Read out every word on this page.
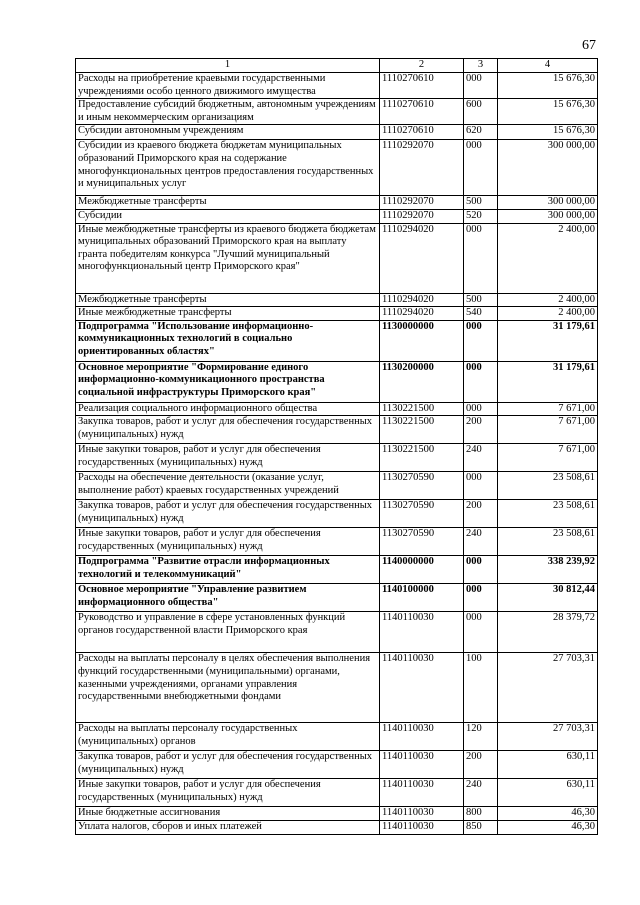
67
1	2	3	4
Расходы на приобретение краевыми государственными учреждениями особо ценного движимого имущества	1110270610	000	15 676,30
Предоставление субсидий бюджетным, автономным учреждениям и иным некоммерческим организациям	1110270610	600	15 676,30
Субсидии автономным учреждениям	1110270610	620	15 676,30
Субсидии из краевого бюджета бюджетам муниципальных образований Приморского края на содержание многофункциональных центров предоставления государственных и муниципальных услуг	1110292070	000	300 000,00
Межбюджетные трансферты	1110292070	500	300 000,00
Субсидии	1110292070	520	300 000,00
Иные межбюджетные трансферты из краевого бюджета бюджетам муниципальных образований Приморского края на выплату гранта победителям конкурса "Лучший муниципальный многофункциональный центр Приморского края"	1110294020	000	2 400,00
Межбюджетные трансферты	1110294020	500	2 400,00
Иные межбюджетные трансферты	1110294020	540	2 400,00
Подпрограмма "Использование информационно-коммуникационных технологий в социально ориентированных областях"	1130000000	000	31 179,61
Основное мероприятие "Формирование единого информационно-коммуникационного пространства социальной инфраструктуры Приморского края"	1130200000	000	31 179,61
Реализация социального информационного общества	1130221500	000	7 671,00
Закупка товаров, работ и услуг для обеспечения государственных (муниципальных) нужд	1130221500	200	7 671,00
Иные закупки товаров, работ и услуг для обеспечения государственных (муниципальных) нужд	1130221500	240	7 671,00
Расходы на обеспечение деятельности (оказание услуг, выполнение работ) краевых государственных учреждений	1130270590	000	23 508,61
Закупка товаров, работ и услуг для обеспечения государственных (муниципальных) нужд	1130270590	200	23 508,61
Иные закупки товаров, работ и услуг для обеспечения государственных (муниципальных) нужд	1130270590	240	23 508,61
Подпрограмма "Развитие отрасли информационных технологий и телекоммуникаций"	1140000000	000	338 239,92
Основное мероприятие "Управление развитием информационного общества"	1140100000	000	30 812,44
Руководство и управление в сфере установленных функций органов государственной власти Приморского края	1140110030	000	28 379,72
Расходы на выплаты персоналу в целях обеспечения выполнения функций государственными (муниципальными) органами, казенными учреждениями, органами управления государственными внебюджетными фондами	1140110030	100	27 703,31
Расходы на выплаты персоналу государственных (муниципальных) органов	1140110030	120	27 703,31
Закупка товаров, работ и услуг для обеспечения государственных (муниципальных) нужд	1140110030	200	630,11
Иные закупки товаров, работ и услуг для обеспечения государственных (муниципальных) нужд	1140110030	240	630,11
Иные бюджетные ассигнования	1140110030	800	46,30
Уплата налогов, сборов и иных платежей	1140110030	850	46,30
